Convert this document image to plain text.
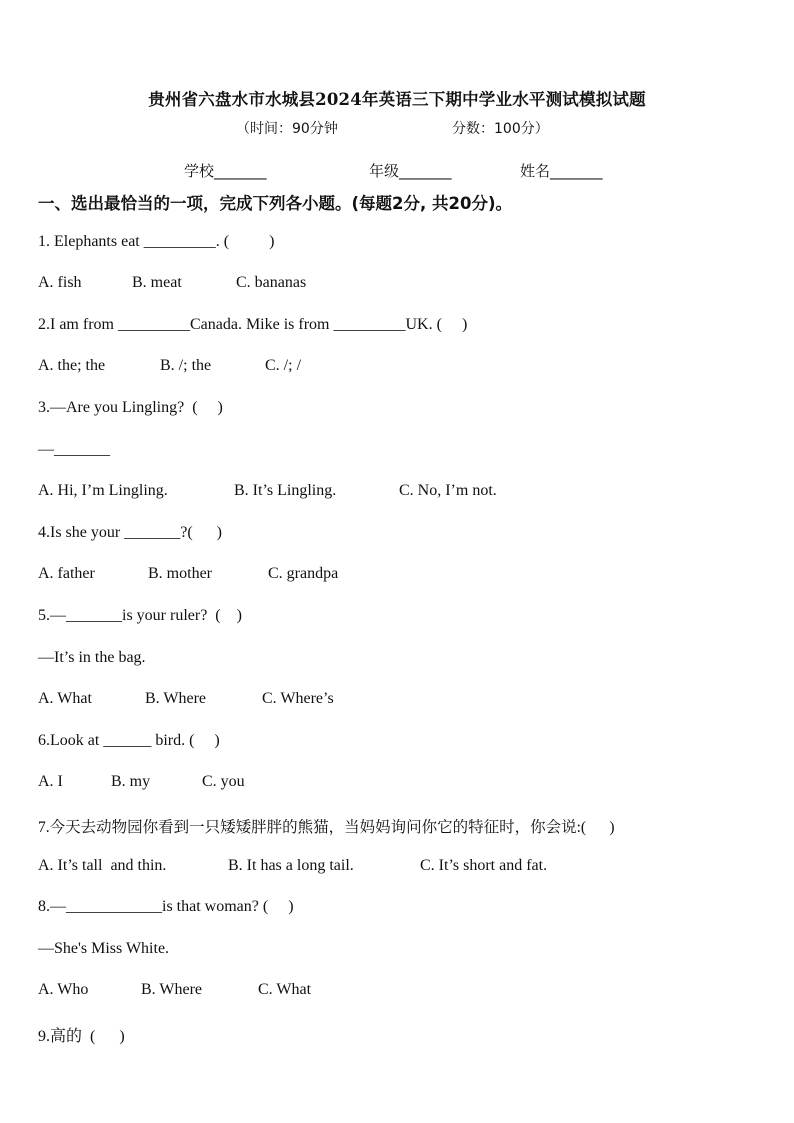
贵州省六盘水市水城县2024年英语三下期中学业水平测试模拟试题
（时间：90分钟	分数：100分）
学校_______	年级_______	姓名_______
一、选出最恰当的一项，完成下列各小题。(每题2分, 共20分)。
1. Elephants eat _________. (          )
A. fish	B. meat	C. bananas
2.I am from _________Canada. Mike is from _________UK. (     )
A. the; the	B. /; the	C. /; /
3.—Are you Lingling?  (     )
—_______
A. Hi, I’m Lingling.	B. It’s Lingling.	C. No, I’m not.
4.Is she your _______?(      )
A. father	B. mother	C. grandpa
5.—_______is your ruler?  (    )
—It’s in the bag.
A. What	B. Where	C. Where’s
6.Look at ______ bird. (     )
A. I	B. my	C. you
7.今天去动物园你看到一只矮矮胖胖的熊猫，当妈妈询问你它的特征时，你会说:(      )
A. It’s tall  and thin.	B. It has a long tail.	C. It’s short and fat.
8.—____________is that woman? (     )
—She's Miss White.
A. Who	B. Where	C. What
9.高的  (      )
